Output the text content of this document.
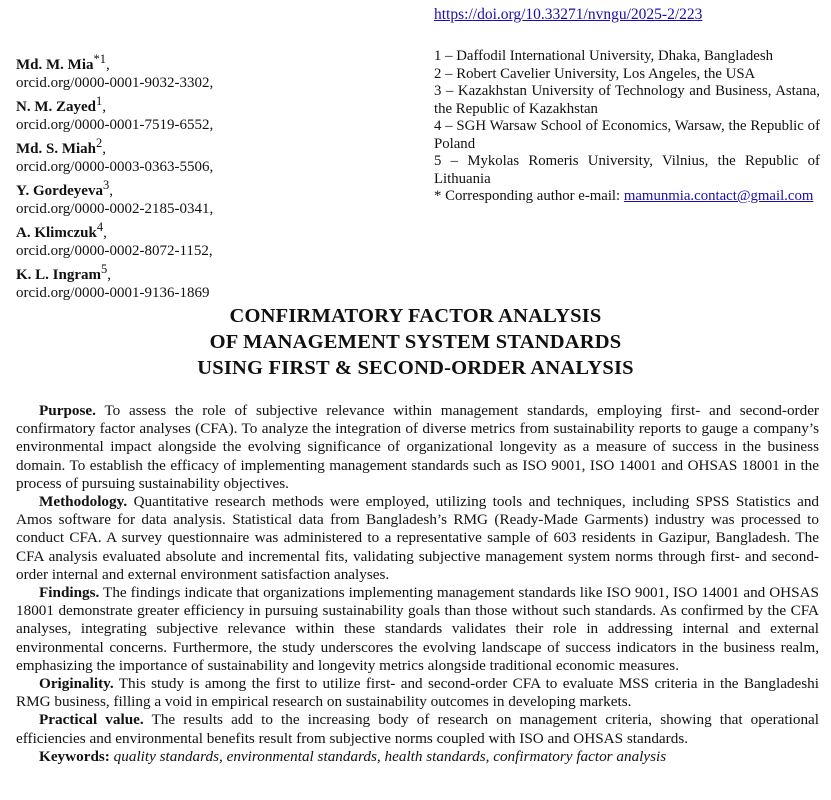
https://doi.org/10.33271/nvngu/2025-2/223
Md. M. Mia$^{*1}$,
orcid.org/0000-0001-9032-3302,
N. M. Zayed$^1$,
orcid.org/0000-0001-7519-6552,
Md. S. Miah$^2$,
orcid.org/0000-0003-0363-5506,
Y. Gordeyeva$^3$,
orcid.org/0000-0002-2185-0341,
A. Klimczuk$^4$,
orcid.org/0000-0002-8072-1152,
K. L. Ingram$^5$,
orcid.org/0000-0001-9136-1869
1 – Daffodil International University, Dhaka, Bangladesh
2 – Robert Cavelier University, Los Angeles, the USA
3 – Kazakhstan University of Technology and Business, Astana, the Republic of Kazakhstan
4 – SGH Warsaw School of Economics, Warsaw, the Republic of Poland
5 – Mykolas Romeris University, Vilnius, the Republic of Lithuania
* Corresponding author e-mail: mamunmia.contact@gmail.com
CONFIRMATORY FACTOR ANALYSIS
OF MANAGEMENT SYSTEM STANDARDS
USING FIRST & SECOND-ORDER ANALYSIS

Purpose. To assess the role of subjective relevance within management standards, employing first- and second-order confirmatory factor analyses (CFA). To analyze the integration of diverse metrics from sustainability reports to gauge a company’s environmental impact alongside the evolving significance of organizational longevity as a measure of success in the business domain. To establish the efficacy of implementing management standards such as ISO 9001, ISO 14001 and OHSAS 18001 in the process of pursuing sustainability objectives.

Methodology. Quantitative research methods were employed, utilizing tools and techniques, including SPSS Statistics and Amos software for data analysis. Statistical data from Bangladesh’s RMG (Ready-Made Garments) industry was processed to conduct CFA. A survey questionnaire was administered to a representative sample of 603 residents in Gazipur, Bangladesh. The CFA analysis evaluated absolute and incremental fits, validating subjective management system norms through first- and second-order internal and external environment satisfaction analyses.

Findings. The findings indicate that organizations implementing management standards like ISO 9001, ISO 14001 and OHSAS 18001 demonstrate greater efficiency in pursuing sustainability goals than those without such standards. As confirmed by the CFA analyses, integrating subjective relevance within these standards validates their role in addressing internal and external environmental concerns. Furthermore, the study underscores the evolving landscape of success indicators in the business realm, emphasizing the importance of sustainability and longevity metrics alongside traditional economic measures.

Originality. This study is among the first to utilize first- and second-order CFA to evaluate MSS criteria in the Bangladeshi RMG business, filling a void in empirical research on sustainability outcomes in developing markets.

Practical value. The results add to the increasing body of research on management criteria, showing that operational efficiencies and environmental benefits result from subjective norms coupled with ISO and OHSAS standards.

Keywords: quality standards, environmental standards, health standards, confirmatory factor analysis
